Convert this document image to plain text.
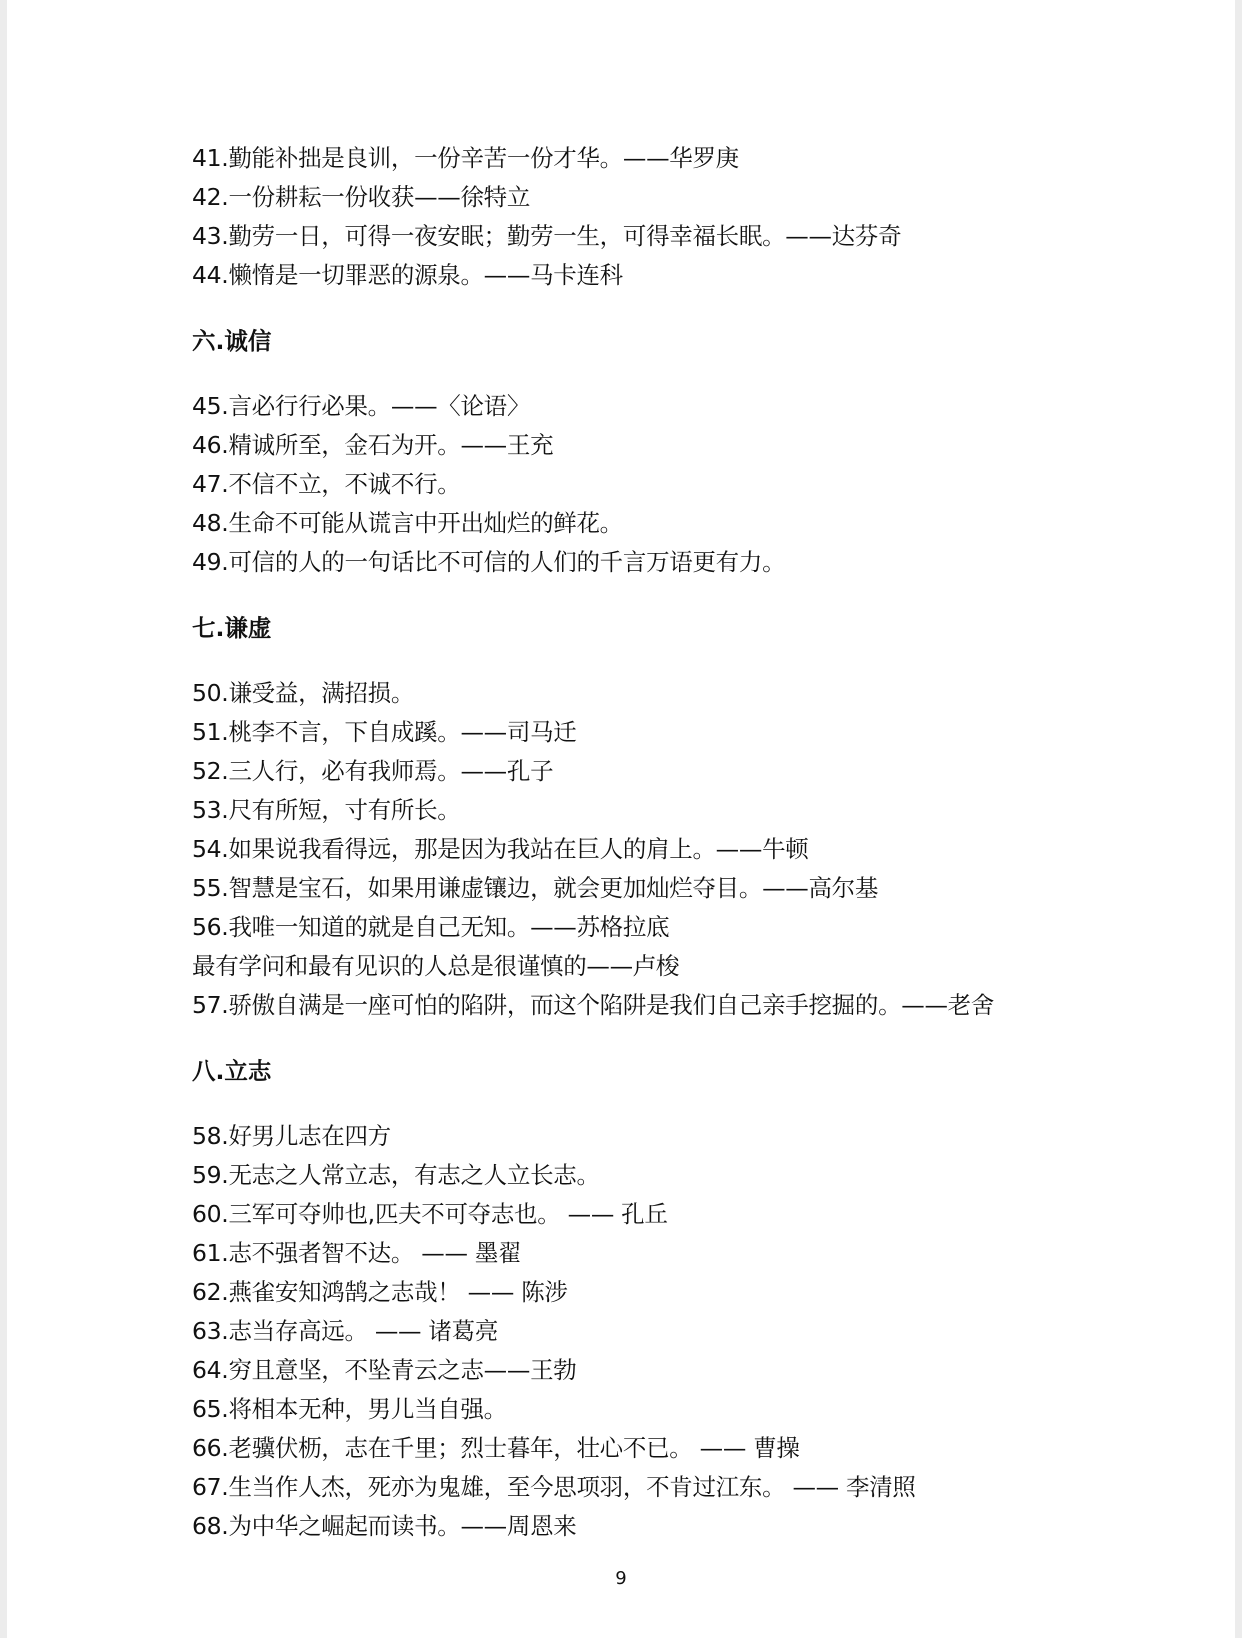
41.勤能补拙是良训，一份辛苦一份才华。——华罗庚
42.一份耕耘一份收获——徐特立
43.勤劳一日，可得一夜安眠；勤劳一生，可得幸福长眠。——达芬奇
44.懒惰是一切罪恶的源泉。——马卡连科
六.诚信
45.言必行行必果。——〈论语〉
46.精诚所至，金石为开。——王充
47.不信不立，不诚不行。
48.生命不可能从谎言中开出灿烂的鲜花。
49.可信的人的一句话比不可信的人们的千言万语更有力。
七.谦虚
50.谦受益，满招损。
51.桃李不言，下自成蹊。——司马迁
52.三人行，必有我师焉。——孔子
53.尺有所短，寸有所长。
54.如果说我看得远，那是因为我站在巨人的肩上。——牛顿
55.智慧是宝石，如果用谦虚镶边，就会更加灿烂夺目。——高尔基
56.我唯一知道的就是自己无知。——苏格拉底
最有学问和最有见识的人总是很谨慎的——卢梭
57.骄傲自满是一座可怕的陷阱，而这个陷阱是我们自己亲手挖掘的。——老舍
八.立志
58.好男儿志在四方
59.无志之人常立志，有志之人立长志。
60.三军可夺帅也,匹夫不可夺志也。 —— 孔丘
61.志不强者智不达。 —— 墨翟
62.燕雀安知鸿鹄之志哉！ —— 陈涉
63.志当存高远。 —— 诸葛亮
64.穷且意坚，不坠青云之志——王勃
65.将相本无种，男儿当自强。
66.老骥伏枥，志在千里；烈士暮年，壮心不已。 —— 曹操
67.生当作人杰，死亦为鬼雄，至今思项羽，不肯过江东。 —— 李清照
68.为中华之崛起而读书。——周恩来
9
